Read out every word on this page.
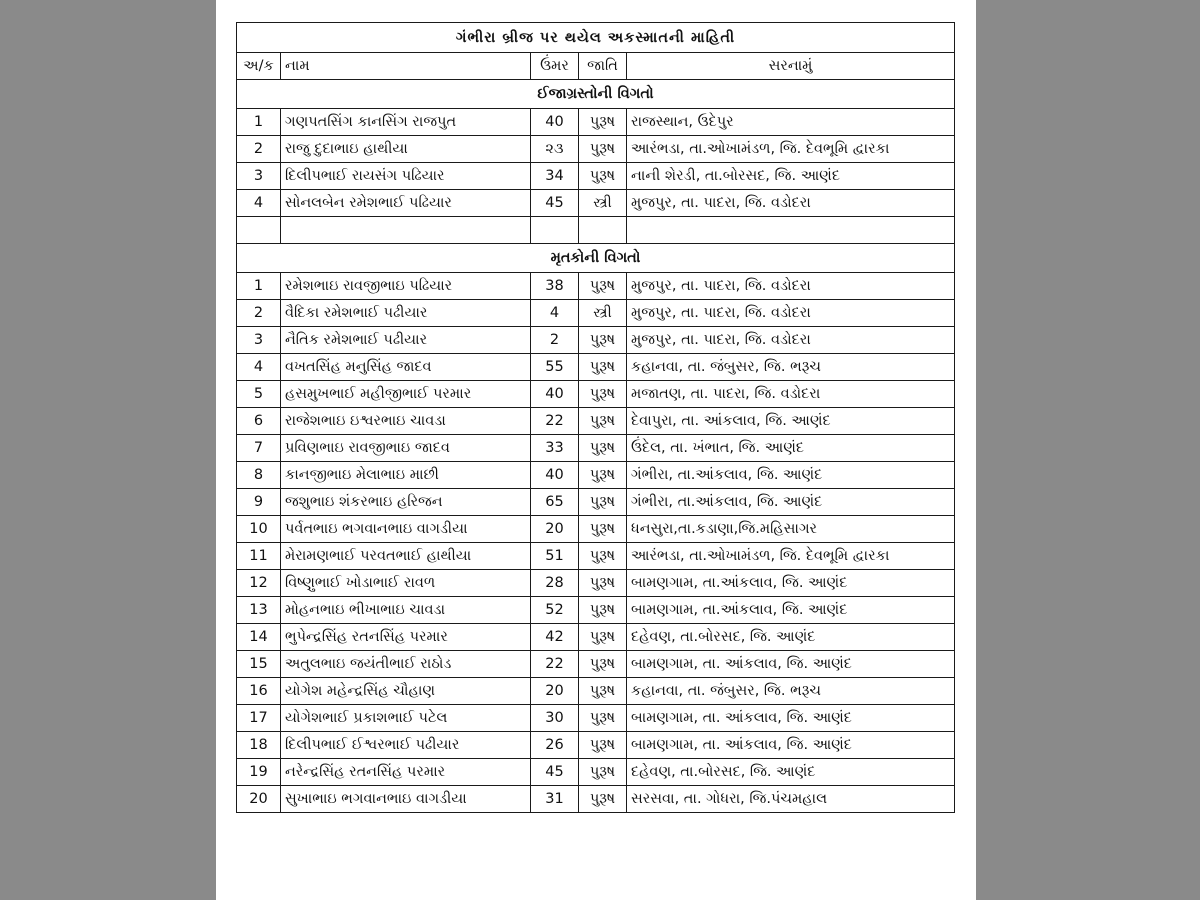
ગંભીરા બ્રીજ પર થયેલ અકસ્માતની માહિતી				
અ/ક	નામ	ઉંમર	જાતિ	સરનામું
ઈજાગ્રસ્તોની વિગતો				
1	ગણપતસિંગ કાનસિંગ રાજપુત	40	પુરૂષ	રાજસ્થાન, ઉદેપુર
2	રાજુ દુદાભાઇ હાથીયા	૨૩	પુરૂષ	આરંભડા, તા.ઓખામંડળ, જિ. દેવભૂમિ દ્વારકા
3	દિલીપભાઈ રાયસંગ પઢિયાર	34	પુરૂષ	નાની શેરડી, તા.બોરસદ, જિ. આણંદ
4	સોનલબેન રમેશભાઈ પઢિયાર	45	સ્ત્રી	મુજપુર, તા. પાદરા, જિ. વડોદરા

મૃતકોની વિગતો				
1	રમેશભાઇ રાવજીભાઇ પઢિયાર	38	પુરૂષ	મુજપુર, તા. પાદરા, જિ. વડોદરા
2	વૈદિકા રમેશભાઈ પઢીયાર	4	સ્ત્રી	મુજપુર, તા. પાદરા, જિ. વડોદરા
3	નૈતિક રમેશભાઈ પઢીયાર	2	પુરૂષ	મુજપુર, તા. પાદરા, જિ. વડોદરા
4	વખતસિંહ મનુસિંહ જાદવ	55	પુરૂષ	કહાનવા, તા. જંબુસર, જિ. ભરૂચ
5	હસમુખભાઈ મહીજીભાઈ પરમાર	40	પુરૂષ	મજાતણ, તા. પાદરા, જિ. વડોદરા
6	રાજેશભાઇ ઇશ્વરભાઇ ચાવડા	22	પુરૂષ	દેવાપુરા, તા. આંકલાવ, જિ. આણંદ
7	પ્રવિણભાઇ રાવજીભાઇ જાદવ	33	પુરૂષ	ઉંદેલ, તા. ખંભાત, જિ. આણંદ
8	કાનજીભાઇ મેલાભાઇ માછી	40	પુરૂષ	ગંભીરા, તા.આંકલાવ, જિ. આણંદ
9	જશુભાઇ શંકરભાઇ હરિજન	65	પુરૂષ	ગંભીરા, તા.આંકલાવ, જિ. આણંદ
10	પર્વતભાઇ ભગવાનભાઇ વાગડીયા	20	પુરૂષ	ધનસુરા,તા.કડાણા,જિ.મહિસાગર
11	મેરામણભાઈ પરવતભાઈ હાથીયા	51	પુરૂષ	આરંભડા, તા.ઓખામંડળ, જિ. દેવભૂમિ દ્વારકા
12	વિષ્ણુભાઈ ખોડાભાઈ રાવળ	28	પુરૂષ	બામણગામ, તા.આંકલાવ, જિ. આણંદ
13	મોહનભાઇ ભીખાભાઇ ચાવડા	52	પુરૂષ	બામણગામ, તા.આંકલાવ, જિ. આણંદ
14	ભુપેન્દ્રસિંહ રતનસિંહ પરમાર	42	પુરૂષ	દહેવણ, તા.બોરસદ, જિ. આણંદ
15	અતુલભાઇ જયંતીભાઈ રાઠોડ	22	પુરૂષ	બામણગામ, તા. આંકલાવ, જિ. આણંદ
16	યોગેશ મહેન્દ્રસિંહ ચૌહાણ	20	પુરૂષ	કહાનવા, તા. જંબુસર, જિ. ભરૂચ
17	યોગેશભાઈ પ્રકાશભાઈ પટેલ	30	પુરૂષ	બામણગામ, તા. આંકલાવ, જિ. આણંદ
18	દિલીપભાઈ ઈશ્વરભાઈ પઢીયાર	26	પુરૂષ	બામણગામ, તા. આંકલાવ, જિ. આણંદ
19	નરેન્દ્રસિંહ રતનસિંહ પરમાર	45	પુરૂષ	દહેવણ, તા.બોરસદ, જિ. આણંદ
20	સુખાભાઇ ભગવાનભાઇ વાગડીયા	31	પુરૂષ	સરસવા, તા. ગોધરા, જિ.પંચમહાલ
